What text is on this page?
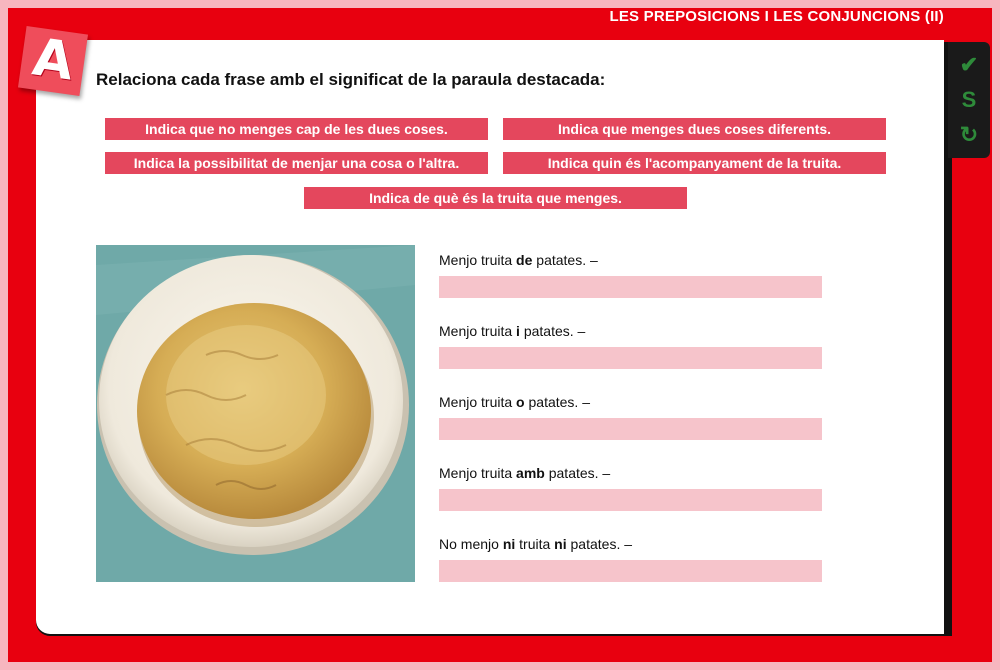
LES PREPOSICIONS I LES CONJUNCIONS (II)
A Relaciona cada frase amb el significat de la paraula destacada:
✔
S
↻
Indica que no menges cap de les dues coses.	Indica que menges dues coses diferents.
Indica la possibilitat de menjar una cosa o l'altra.	Indica quin és l'acompanyament de la truita.
Indica de què és la truita que menges.
Menjo truita de patates. –
Menjo truita i patates. –
Menjo truita o patates. –
Menjo truita amb patates. –
No menjo ni truita ni patates. –
